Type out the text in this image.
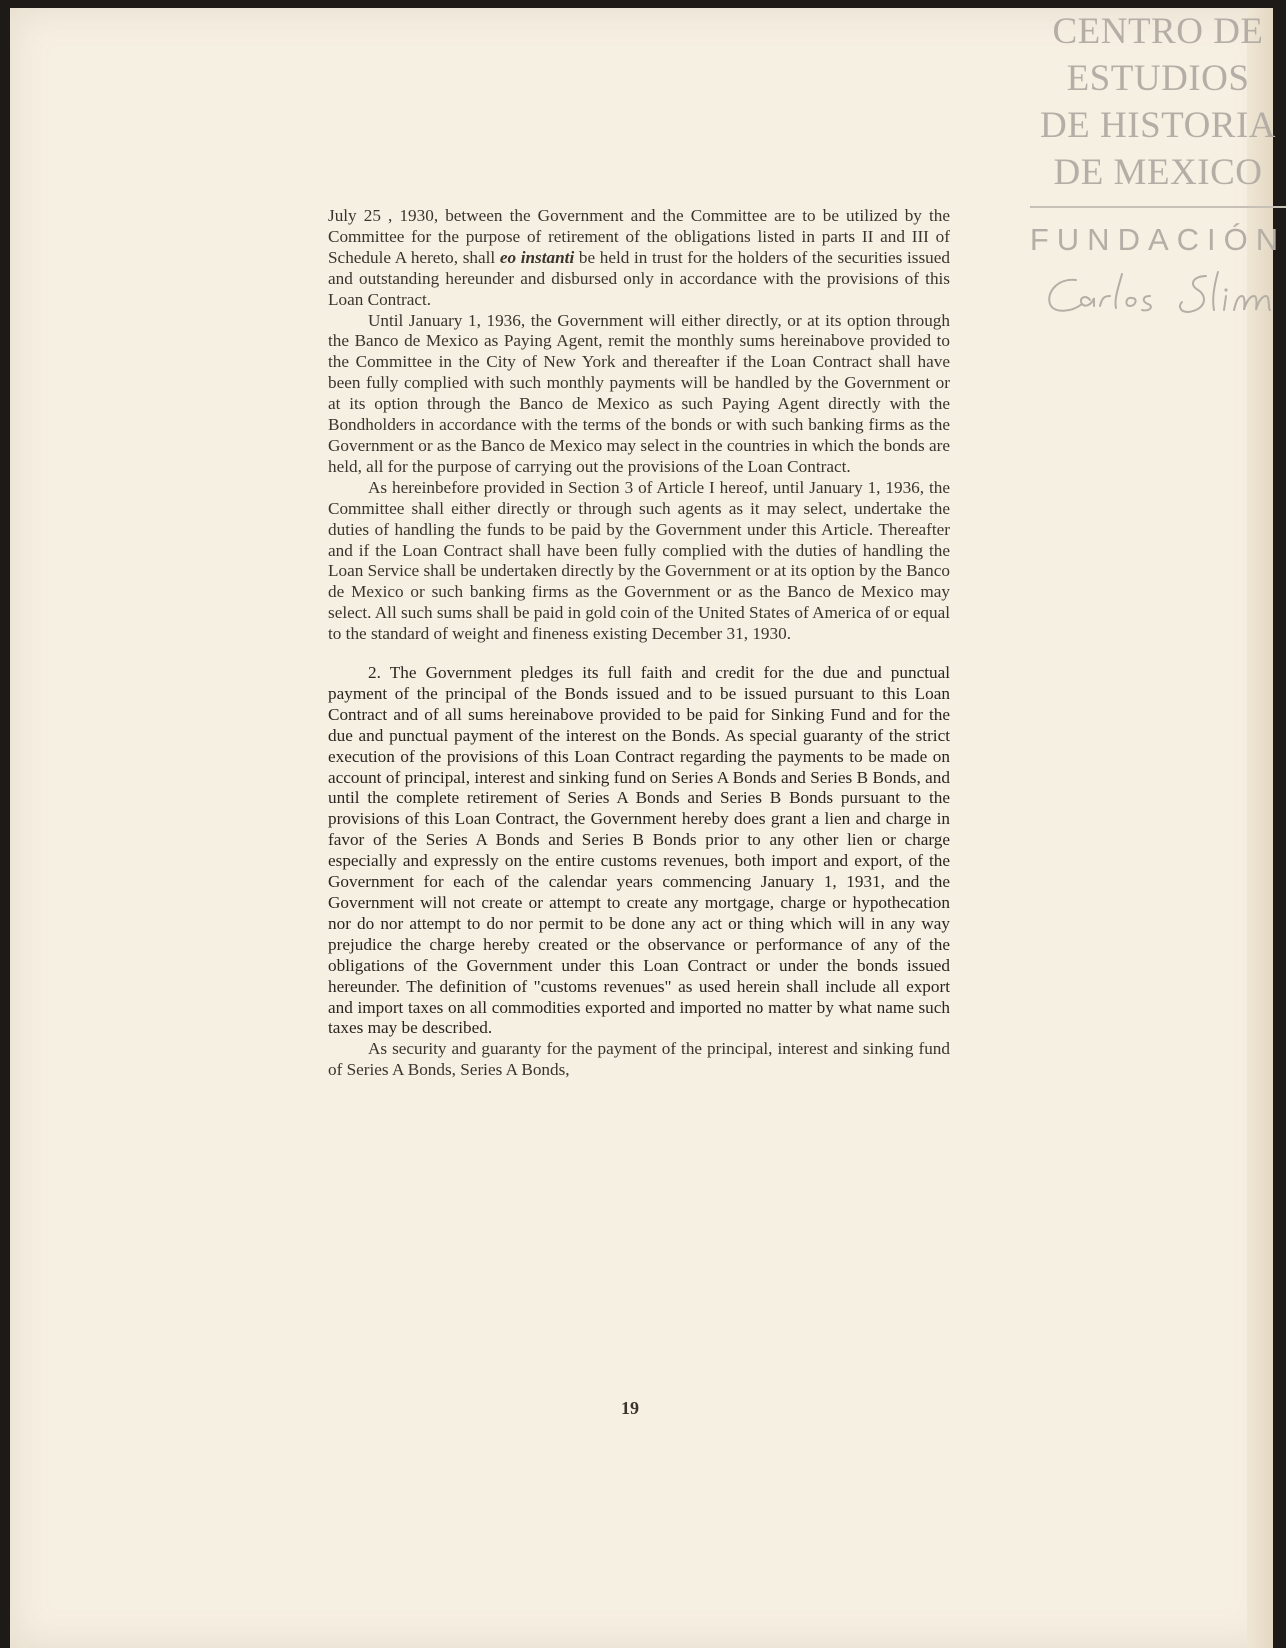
CENTRO DE
ESTUDIOS
DE HISTORIA
DE MEXICO
FUNDACIÓN

July 25 , 1930, between the Government and the Committee are to be utilized by the Committee for the purpose of retirement of the obligations listed in parts II and III of Schedule A hereto, shall eo instanti be held in trust for the holders of the securities issued and outstanding hereunder and disbursed only in accordance with the provisions of this Loan Contract.

Until January 1, 1936, the Government will either directly, or at its option through the Banco de Mexico as Paying Agent, remit the monthly sums hereinabove provided to the Committee in the City of New York and thereafter if the Loan Contract shall have been fully complied with such monthly payments will be handled by the Government or at its option through the Banco de Mexico as such Paying Agent directly with the Bondholders in accordance with the terms of the bonds or with such banking firms as the Government or as the Banco de Mexico may select in the countries in which the bonds are held, all for the purpose of carrying out the provisions of the Loan Contract.

As hereinbefore provided in Section 3 of Article I hereof, until January 1, 1936, the Committee shall either directly or through such agents as it may select, undertake the duties of handling the funds to be paid by the Government under this Article. Thereafter and if the Loan Contract shall have been fully complied with the duties of handling the Loan Service shall be undertaken directly by the Government or at its option by the Banco de Mexico or such banking firms as the Government or as the Banco de Mexico may select. All such sums shall be paid in gold coin of the United States of America of or equal to the standard of weight and fineness existing December 31, 1930.

2. The Government pledges its full faith and credit for the due and punctual payment of the principal of the Bonds issued and to be issued pursuant to this Loan Contract and of all sums hereinabove provided to be paid for Sinking Fund and for the due and punctual payment of the interest on the Bonds. As special guaranty of the strict execution of the provisions of this Loan Contract regarding the payments to be made on account of principal, interest and sinking fund on Series A Bonds and Series B Bonds, and until the complete retirement of Series A Bonds and Series B Bonds pursuant to the provisions of this Loan Contract, the Government hereby does grant a lien and charge in favor of the Series A Bonds and Series B Bonds prior to any other lien or charge especially and expressly on the entire customs revenues, both import and export, of the Government for each of the calendar years commencing January 1, 1931, and the Government will not create or attempt to create any mortgage, charge or hypothecation nor do nor attempt to do nor permit to be done any act or thing which will in any way prejudice the charge hereby created or the observance or performance of any of the obligations of the Government under this Loan Contract or under the bonds issued hereunder. The definition of "customs revenues" as used herein shall include all export and import taxes on all commodities exported and imported no matter by what name such taxes may be described.

As security and guaranty for the payment of the principal, interest and sinking fund of Series A Bonds, Series A Bonds,

19
